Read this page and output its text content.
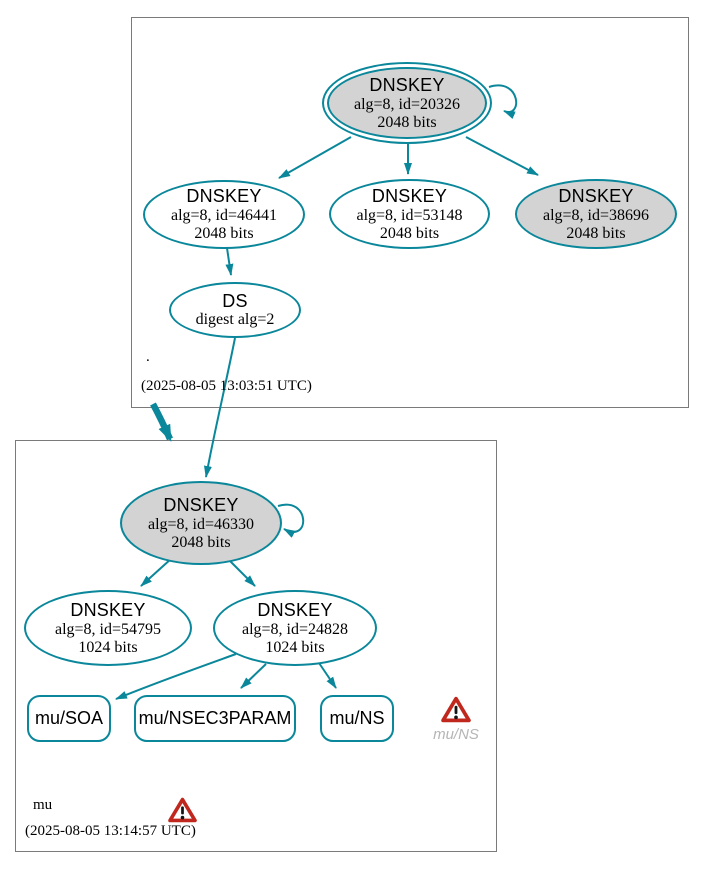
.
(2025-08-05 13:03:51 UTC)
mu
(2025-08-05 13:14:57 UTC)
DNSKEY
alg=8, id=20326
2048 bits
DNSKEY
alg=8, id=46441
2048 bits
DNSKEY
alg=8, id=53148
2048 bits
DNSKEY
alg=8, id=38696
2048 bits
DS
digest alg=2
DNSKEY
alg=8, id=46330
2048 bits
DNSKEY
alg=8, id=54795
1024 bits
DNSKEY
alg=8, id=24828
1024 bits
mu/SOA mu/NSEC3PARAM mu/NS
mu/NS
